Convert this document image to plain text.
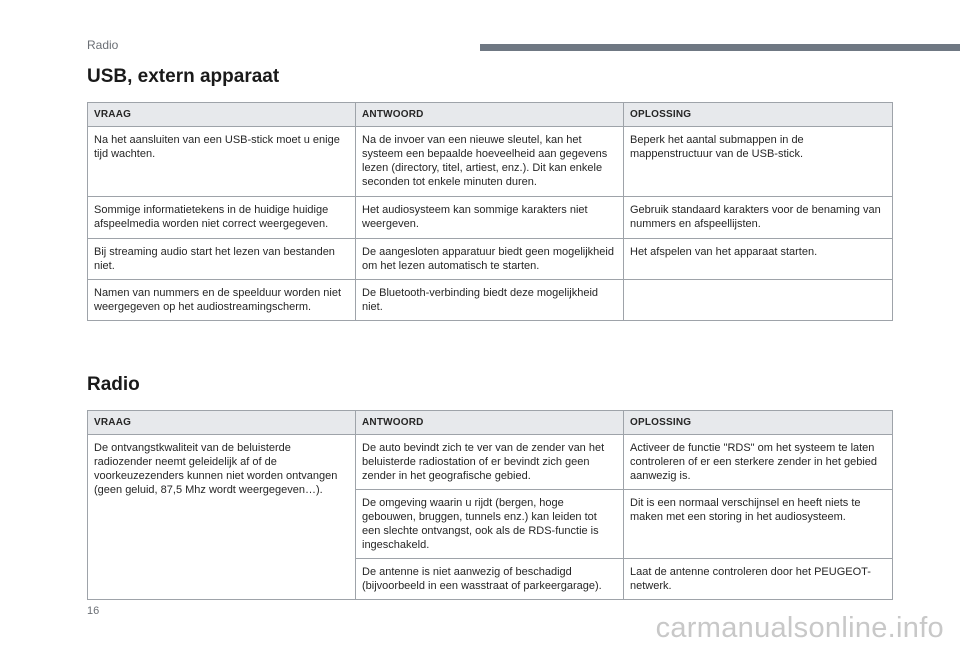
Radio
USB, extern apparaat
VRAAG	ANTWOORD	OPLOSSING
Na het aansluiten van een USB-stick moet u enige tijd wachten.	Na de invoer van een nieuwe sleutel, kan het systeem een bepaalde hoeveelheid aan gegevens lezen (directory, titel, artiest, enz.). Dit kan enkele seconden tot enkele minuten duren.	Beperk het aantal submappen in de mappenstructuur van de USB-stick.
Sommige informatietekens in de huidige huidige afspeelmedia worden niet correct weergegeven.	Het audiosysteem kan sommige karakters niet weergeven.	Gebruik standaard karakters voor de benaming van nummers en afspeellijsten.
Bij streaming audio start het lezen van bestanden niet.	De aangesloten apparatuur biedt geen mogelijkheid om het lezen automatisch te starten.	Het afspelen van het apparaat starten.
Namen van nummers en de speelduur worden niet weergegeven op het audiostreamingscherm.	De Bluetooth-verbinding biedt deze mogelijkheid niet.	
Radio
VRAAG	ANTWOORD	OPLOSSING
De ontvangstkwaliteit van de beluisterde radiozender neemt geleidelijk af of de voorkeuzezenders kunnen niet worden ontvangen (geen geluid, 87,5 Mhz wordt weergegeven…).	De auto bevindt zich te ver van de zender van het beluisterde radiostation of er bevindt zich geen zender in het geografische gebied.	Activeer de functie "RDS" om het systeem te laten controleren of er een sterkere zender in het gebied aanwezig is.
	De omgeving waarin u rijdt (bergen, hoge gebouwen, bruggen, tunnels enz.) kan leiden tot een slechte ontvangst, ook als de RDS-functie is ingeschakeld.	Dit is een normaal verschijnsel en heeft niets te maken met een storing in het audiosysteem.
	De antenne is niet aanwezig of beschadigd (bijvoorbeeld in een wasstraat of parkeergarage).	Laat de antenne controleren door het PEUGEOT-netwerk.
16
carmanualsonline.info
